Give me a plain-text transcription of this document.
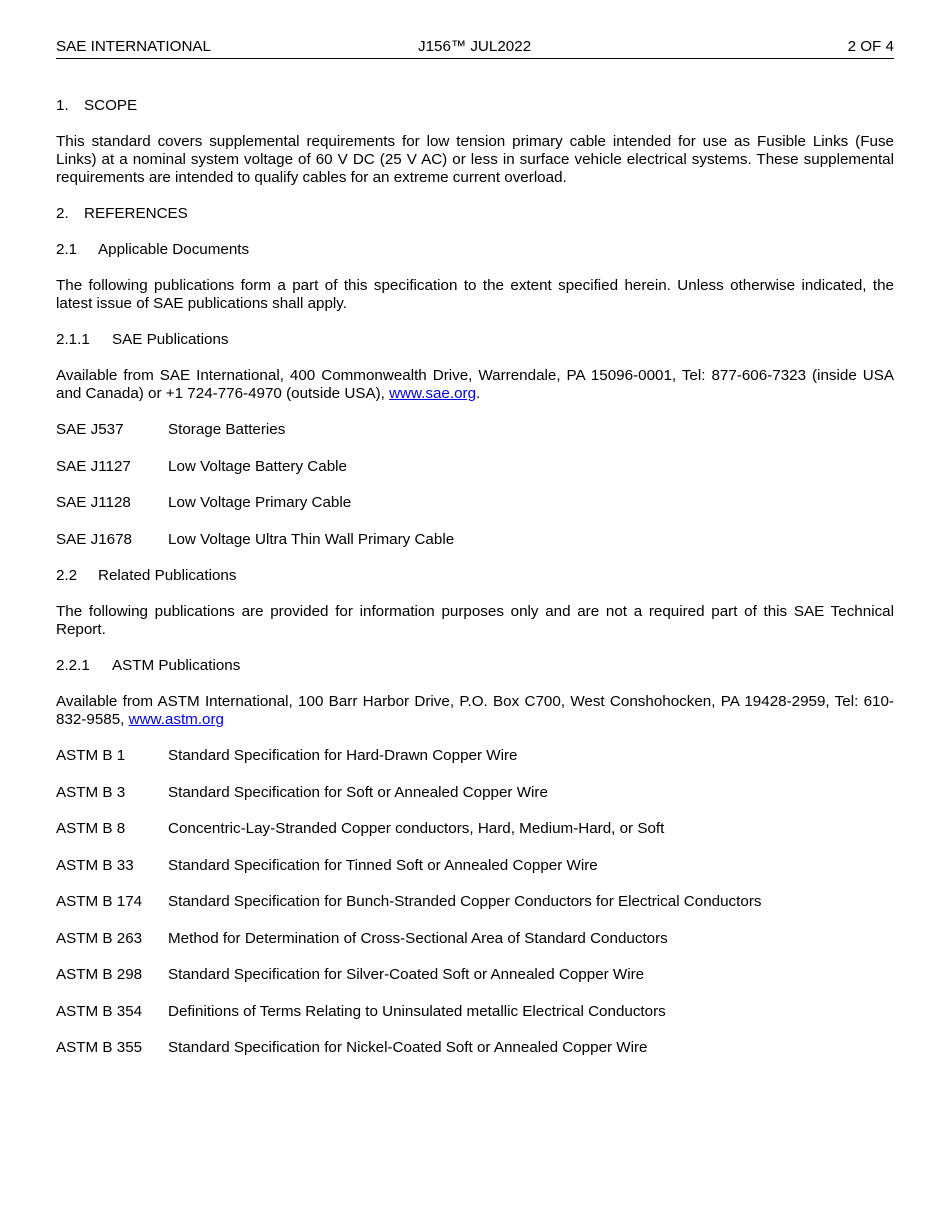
SAE INTERNATIONAL	J156™ JUL2022	2 OF 4
1. SCOPE

This standard covers supplemental requirements for low tension primary cable intended for use as Fusible Links (Fuse Links) at a nominal system voltage of 60 V DC (25 V AC) or less in surface vehicle electrical systems. These supplemental requirements are intended to qualify cables for an extreme current overload.

2. REFERENCES
2.1 Applicable Documents

The following publications form a part of this specification to the extent specified herein. Unless otherwise indicated, the latest issue of SAE publications shall apply.

2.1.1 SAE Publications

Available from SAE International, 400 Commonwealth Drive, Warrendale, PA 15096-0001, Tel: 877-606-7323 (inside USA and Canada) or +1 724-776-4970 (outside USA), www.sae.org.

SAE J537	Storage Batteries
SAE J1127 Low Voltage Battery Cable
SAE J1128 Low Voltage Primary Cable
SAE J1678 Low Voltage Ultra Thin Wall Primary Cable
2.2 Related Publications

The following publications are provided for information purposes only and are not a required part of this SAE Technical Report.

2.2.1 ASTM Publications

Available from ASTM International, 100 Barr Harbor Drive, P.O. Box C700, West Conshohocken, PA 19428-2959, Tel: 610-832-9585, www.astm.org

ASTM B 1	Standard Specification for Hard-Drawn Copper Wire
ASTM B 3	Standard Specification for Soft or Annealed Copper Wire
ASTM B 8	Concentric-Lay-Stranded Copper conductors, Hard, Medium-Hard, or Soft
ASTM B 33 Standard Specification for Tinned Soft or Annealed Copper Wire
ASTM B 174 Standard Specification for Bunch-Stranded Copper Conductors for Electrical Conductors
ASTM B 263 Method for Determination of Cross-Sectional Area of Standard Conductors
ASTM B 298 Standard Specification for Silver-Coated Soft or Annealed Copper Wire
ASTM B 354 Definitions of Terms Relating to Uninsulated metallic Electrical Conductors
ASTM B 355 Standard Specification for Nickel-Coated Soft or Annealed Copper Wire
